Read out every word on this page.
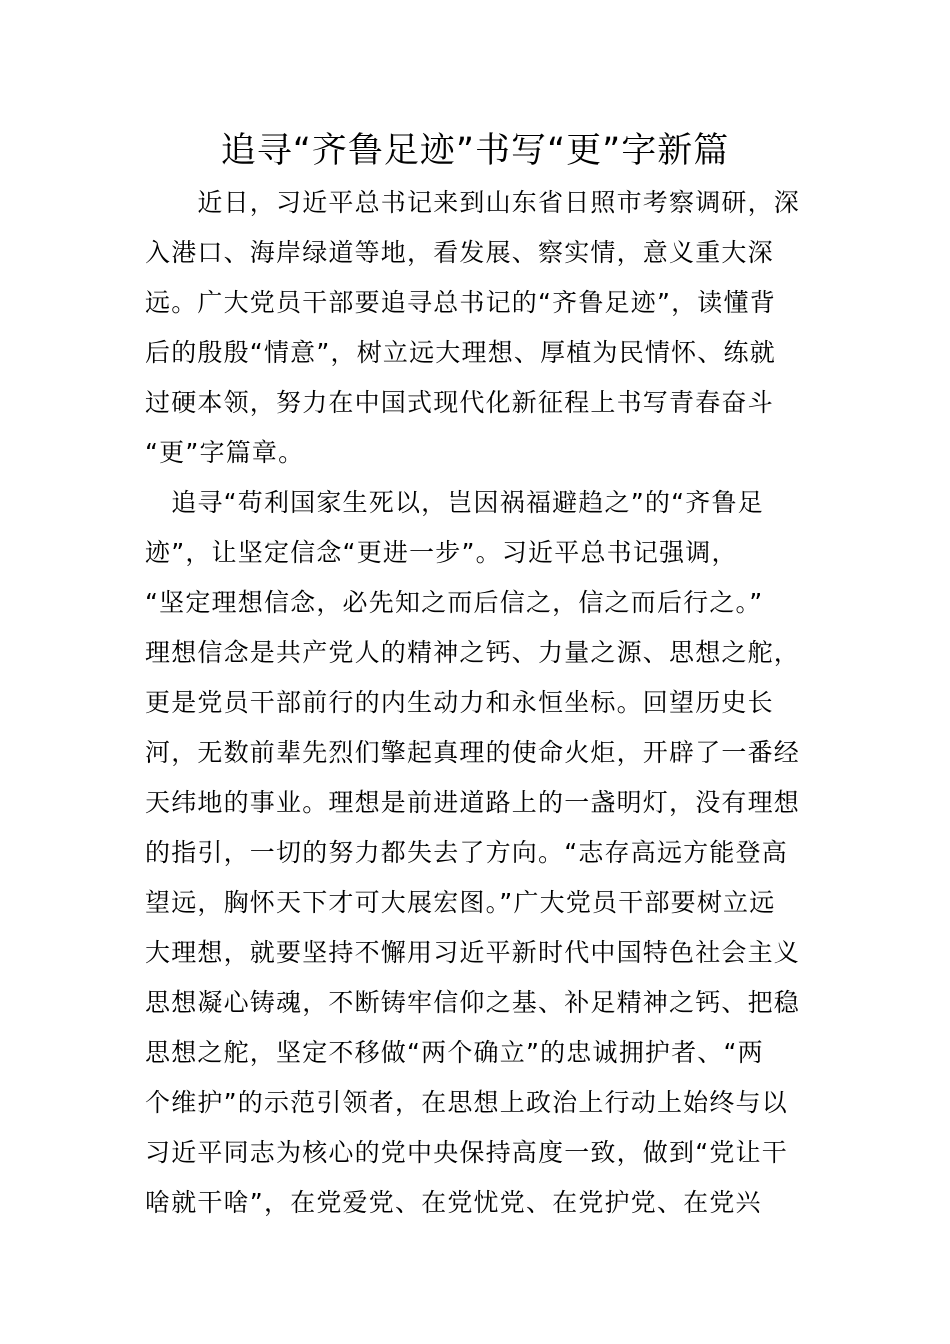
追寻“齐鲁足迹”书写“更”字新篇
　　近日，习近平总书记来到山东省日照市考察调研，深
入港口、海岸绿道等地，看发展、察实情，意义重大深
远。广大党员干部要追寻总书记的“齐鲁足迹”，读懂背
后的殷殷“情意”，树立远大理想、厚植为民情怀、练就
过硬本领，努力在中国式现代化新征程上书写青春奋斗
“更”字篇章。
　追寻“苟利国家生死以，岂因祸福避趋之”的“齐鲁足
迹”，让坚定信念“更进一步”。习近平总书记强调，
“坚定理想信念，必先知之而后信之，信之而后行之。”
理想信念是共产党人的精神之钙、力量之源、思想之舵，
更是党员干部前行的内生动力和永恒坐标。回望历史长
河，无数前辈先烈们擎起真理的使命火炬，开辟了一番经
天纬地的事业。理想是前进道路上的一盏明灯，没有理想
的指引，一切的努力都失去了方向。“志存高远方能登高
望远，胸怀天下才可大展宏图。”广大党员干部要树立远
大理想，就要坚持不懈用习近平新时代中国特色社会主义
思想凝心铸魂，不断铸牢信仰之基、补足精神之钙、把稳
思想之舵，坚定不移做“两个确立”的忠诚拥护者、“两
个维护”的示范引领者，在思想上政治上行动上始终与以
习近平同志为核心的党中央保持高度一致，做到“党让干
啥就干啥”，在党爱党、在党忧党、在党护党、在党兴
